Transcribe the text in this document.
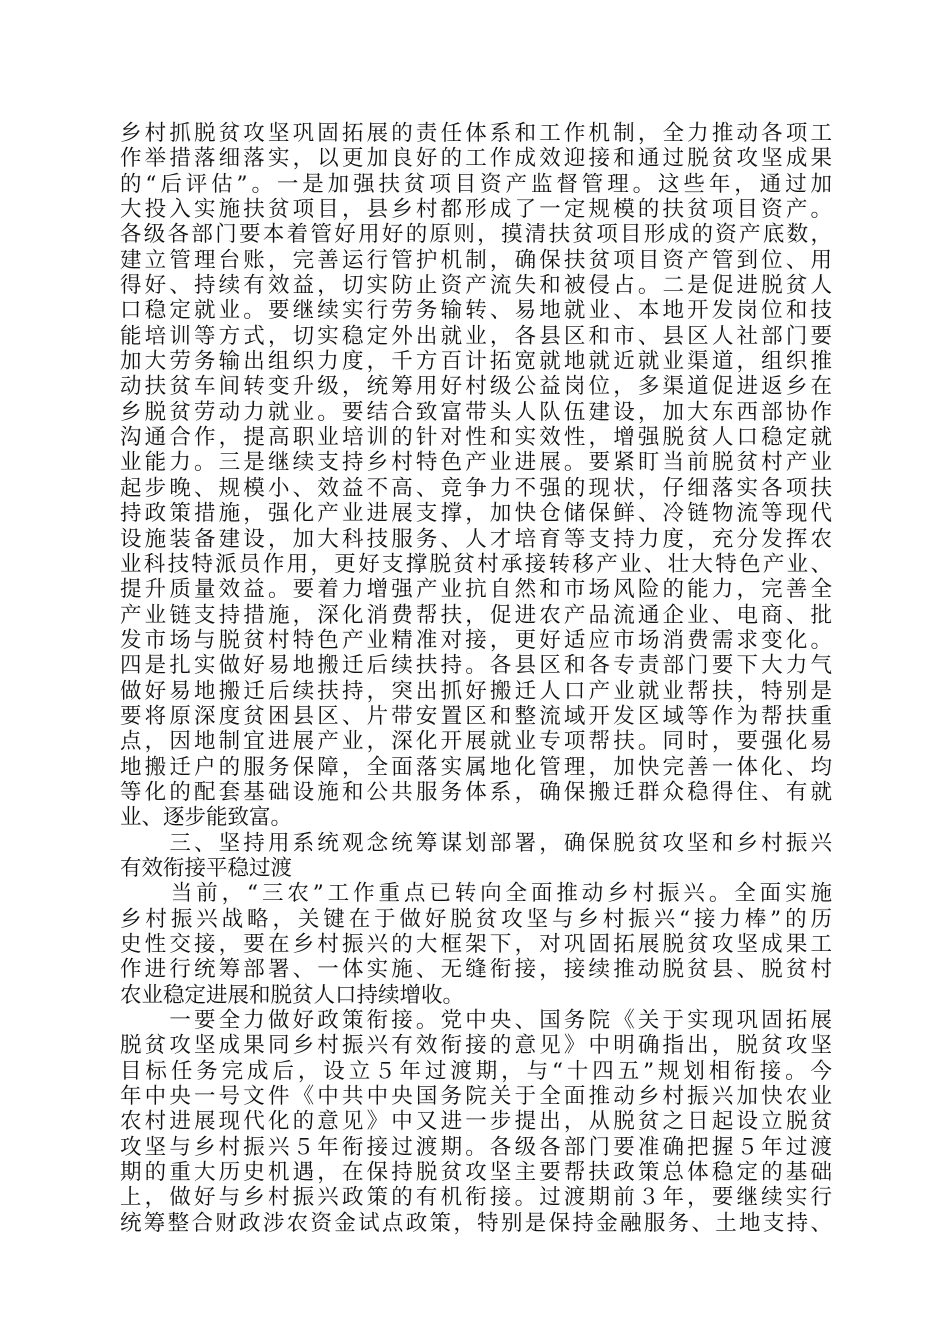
乡村抓脱贫攻坚巩固拓展的责任体系和工作机制，全力推动各项工
作举措落细落实，以更加良好的工作成效迎接和通过脱贫攻坚成果
的“后评估”。一是加强扶贫项目资产监督管理。这些年，通过加
大投入实施扶贫项目，县乡村都形成了一定规模的扶贫项目资产。
各级各部门要本着管好用好的原则，摸清扶贫项目形成的资产底数，
建立管理台账，完善运行管护机制，确保扶贫项目资产管到位、用
得好、持续有效益，切实防止资产流失和被侵占。二是促进脱贫人
口稳定就业。要继续实行劳务输转、易地就业、本地开发岗位和技
能培训等方式，切实稳定外出就业，各县区和市、县区人社部门要
加大劳务输出组织力度，千方百计拓宽就地就近就业渠道，组织推
动扶贫车间转变升级，统筹用好村级公益岗位，多渠道促进返乡在
乡脱贫劳动力就业。要结合致富带头人队伍建设，加大东西部协作
沟通合作，提高职业培训的针对性和实效性，增强脱贫人口稳定就
业能力。三是继续支持乡村特色产业进展。要紧盯当前脱贫村产业
起步晚、规模小、效益不高、竞争力不强的现状，仔细落实各项扶
持政策措施，强化产业进展支撑，加快仓储保鲜、冷链物流等现代
设施装备建设，加大科技服务、人才培育等支持力度，充分发挥农
业科技特派员作用，更好支撑脱贫村承接转移产业、壮大特色产业、
提升质量效益。要着力增强产业抗自然和市场风险的能力，完善全
产业链支持措施，深化消费帮扶，促进农产品流通企业、电商、批
发市场与脱贫村特色产业精准对接，更好适应市场消费需求变化。
四是扎实做好易地搬迁后续扶持。各县区和各专责部门要下大力气
做好易地搬迁后续扶持，突出抓好搬迁人口产业就业帮扶，特别是
要将原深度贫困县区、片带安置区和整流域开发区域等作为帮扶重
点，因地制宜进展产业，深化开展就业专项帮扶。同时，要强化易
地搬迁户的服务保障，全面落实属地化管理，加快完善一体化、均
等化的配套基础设施和公共服务体系，确保搬迁群众稳得住、有就
业、逐步能致富。
　　三、坚持用系统观念统筹谋划部署，确保脱贫攻坚和乡村振兴
有效衔接平稳过渡
　　当前，“三农”工作重点已转向全面推动乡村振兴。全面实施
乡村振兴战略，关键在于做好脱贫攻坚与乡村振兴“接力棒”的历
史性交接，要在乡村振兴的大框架下，对巩固拓展脱贫攻坚成果工
作进行统筹部署、一体实施、无缝衔接，接续推动脱贫县、脱贫村
农业稳定进展和脱贫人口持续增收。
　　一要全力做好政策衔接。党中央、国务院《关于实现巩固拓展
脱贫攻坚成果同乡村振兴有效衔接的意见》中明确指出，脱贫攻坚
目标任务完成后，设立５年过渡期，与“十四五”规划相衔接。今
年中央一号文件《中共中央国务院关于全面推动乡村振兴加快农业
农村进展现代化的意见》中又进一步提出，从脱贫之日起设立脱贫
攻坚与乡村振兴５年衔接过渡期。各级各部门要准确把握５年过渡
期的重大历史机遇，在保持脱贫攻坚主要帮扶政策总体稳定的基础
上，做好与乡村振兴政策的有机衔接。过渡期前３年，要继续实行
统筹整合财政涉农资金试点政策，特别是保持金融服务、土地支持、
